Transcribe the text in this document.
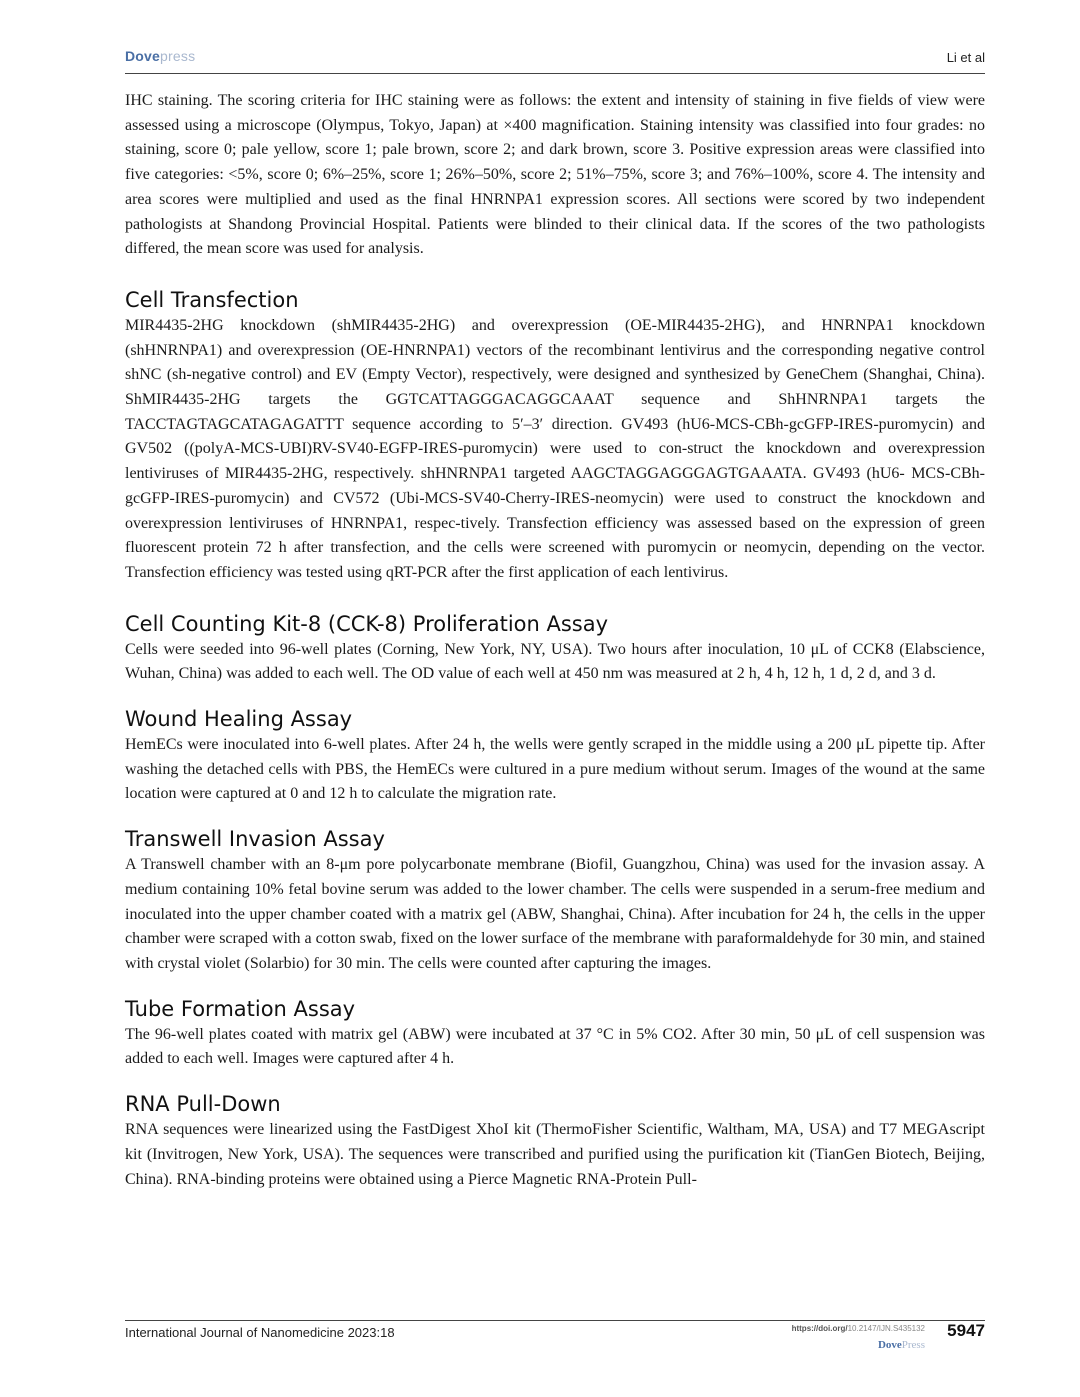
Dovepress	Li et al

IHC staining. The scoring criteria for IHC staining were as follows: the extent and intensity of staining in five fields of view were assessed using a microscope (Olympus, Tokyo, Japan) at ×400 magnification. Staining intensity was classified into four grades: no staining, score 0; pale yellow, score 1; pale brown, score 2; and dark brown, score 3. Positive expression areas were classified into five categories: <5%, score 0; 6%–25%, score 1; 26%–50%, score 2; 51%–75%, score 3; and 76%–100%, score 4. The intensity and area scores were multiplied and used as the final HNRNPA1 expression scores. All sections were scored by two independent pathologists at Shandong Provincial Hospital. Patients were blinded to their clinical data. If the scores of the two pathologists differed, the mean score was used for analysis.

Cell Transfection

MIR4435-2HG knockdown (shMIR4435-2HG) and overexpression (OE-MIR4435-2HG), and HNRNPA1 knockdown (shHNRNPA1) and overexpression (OE-HNRNPA1) vectors of the recombinant lentivirus and the corresponding negative control shNC (sh-negative control) and EV (Empty Vector), respectively, were designed and synthesized by GeneChem (Shanghai, China). ShMIR4435-2HG targets the GGTCATTAGGGACAGGCAAAT sequence and ShHNRNPA1 targets the TACCTAGTAGCATAGAGATTT sequence according to 5′–3′ direction. GV493 (hU6-MCS-CBh-gcGFP-IRES-puromycin) and GV502 ((polyA-MCS-UBI)RV-SV40-EGFP-IRES-puromycin) were used to con-struct the knockdown and overexpression lentiviruses of MIR4435-2HG, respectively. shHNRNPA1 targeted AAGCTAGGAGGGAGTGAAATA. GV493 (hU6- MCS-CBh-gcGFP-IRES-puromycin) and CV572 (Ubi-MCS-SV40-Cherry-IRES-neomycin) were used to construct the knockdown and overexpression lentiviruses of HNRNPA1, respec-tively. Transfection efficiency was assessed based on the expression of green fluorescent protein 72 h after transfection, and the cells were screened with puromycin or neomycin, depending on the vector. Transfection efficiency was tested using qRT-PCR after the first application of each lentivirus.

Cell Counting Kit-8 (CCK-8) Proliferation Assay

Cells were seeded into 96-well plates (Corning, New York, NY, USA). Two hours after inoculation, 10 μL of CCK8 (Elabscience, Wuhan, China) was added to each well. The OD value of each well at 450 nm was measured at 2 h, 4 h, 12 h, 1 d, 2 d, and 3 d.

Wound Healing Assay

HemECs were inoculated into 6-well plates. After 24 h, the wells were gently scraped in the middle using a 200 μL pipette tip. After washing the detached cells with PBS, the HemECs were cultured in a pure medium without serum. Images of the wound at the same location were captured at 0 and 12 h to calculate the migration rate.

Transwell Invasion Assay

A Transwell chamber with an 8-μm pore polycarbonate membrane (Biofil, Guangzhou, China) was used for the invasion assay. A medium containing 10% fetal bovine serum was added to the lower chamber. The cells were suspended in a serum-free medium and inoculated into the upper chamber coated with a matrix gel (ABW, Shanghai, China). After incubation for 24 h, the cells in the upper chamber were scraped with a cotton swab, fixed on the lower surface of the membrane with paraformaldehyde for 30 min, and stained with crystal violet (Solarbio) for 30 min. The cells were counted after capturing the images.

Tube Formation Assay

The 96-well plates coated with matrix gel (ABW) were incubated at 37 °C in 5% CO2. After 30 min, 50 μL of cell suspension was added to each well. Images were captured after 4 h.

RNA Pull-Down

RNA sequences were linearized using the FastDigest XhoI kit (ThermoFisher Scientific, Waltham, MA, USA) and T7 MEGAscript kit (Invitrogen, New York, USA). The sequences were transcribed and purified using the purification kit (TianGen Biotech, Beijing, China). RNA-binding proteins were obtained using a Pierce Magnetic RNA-Protein Pull-

International Journal of Nanomedicine 2023:18	https://doi.org/10.2147/IJN.S435132 5947
DovePress
